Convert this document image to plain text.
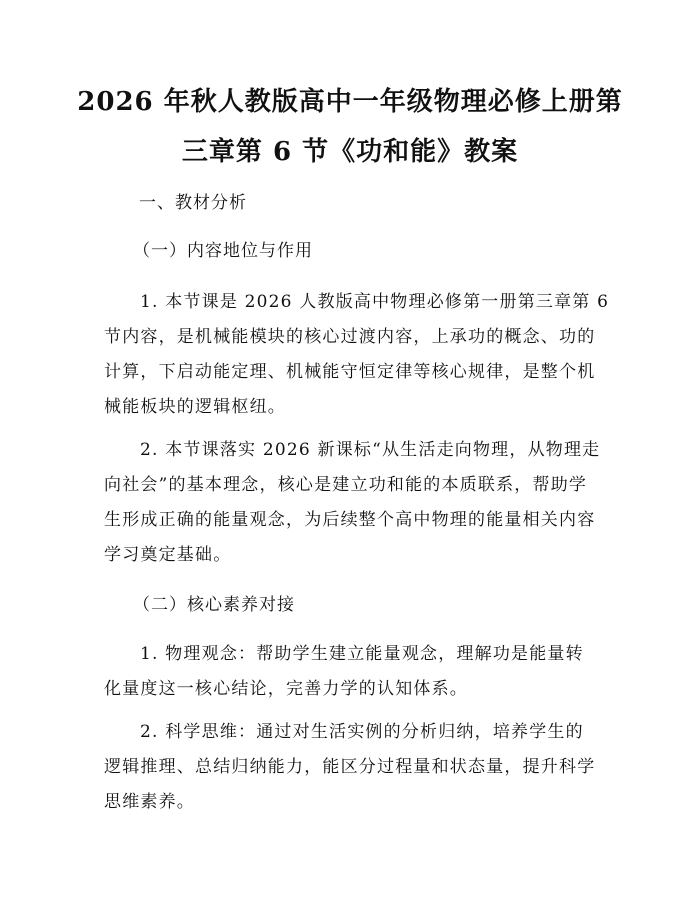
2026 年秋人教版高中一年级物理必修上册第
三章第 6 节《功和能》教案
一、教材分析
（一）内容地位与作用
1. 本节课是 2026 人教版高中物理必修第一册第三章第 6
节内容，是机械能模块的核心过渡内容，上承功的概念、功的
计算，下启动能定理、机械能守恒定律等核心规律，是整个机
械能板块的逻辑枢纽。
2. 本节课落实 2026 新课标“从生活走向物理，从物理走
向社会”的基本理念，核心是建立功和能的本质联系，帮助学
生形成正确的能量观念，为后续整个高中物理的能量相关内容
学习奠定基础。
（二）核心素养对接
1. 物理观念：帮助学生建立能量观念，理解功是能量转
化量度这一核心结论，完善力学的认知体系。
2. 科学思维：通过对生活实例的分析归纳，培养学生的
逻辑推理、总结归纳能力，能区分过程量和状态量，提升科学
思维素养。
